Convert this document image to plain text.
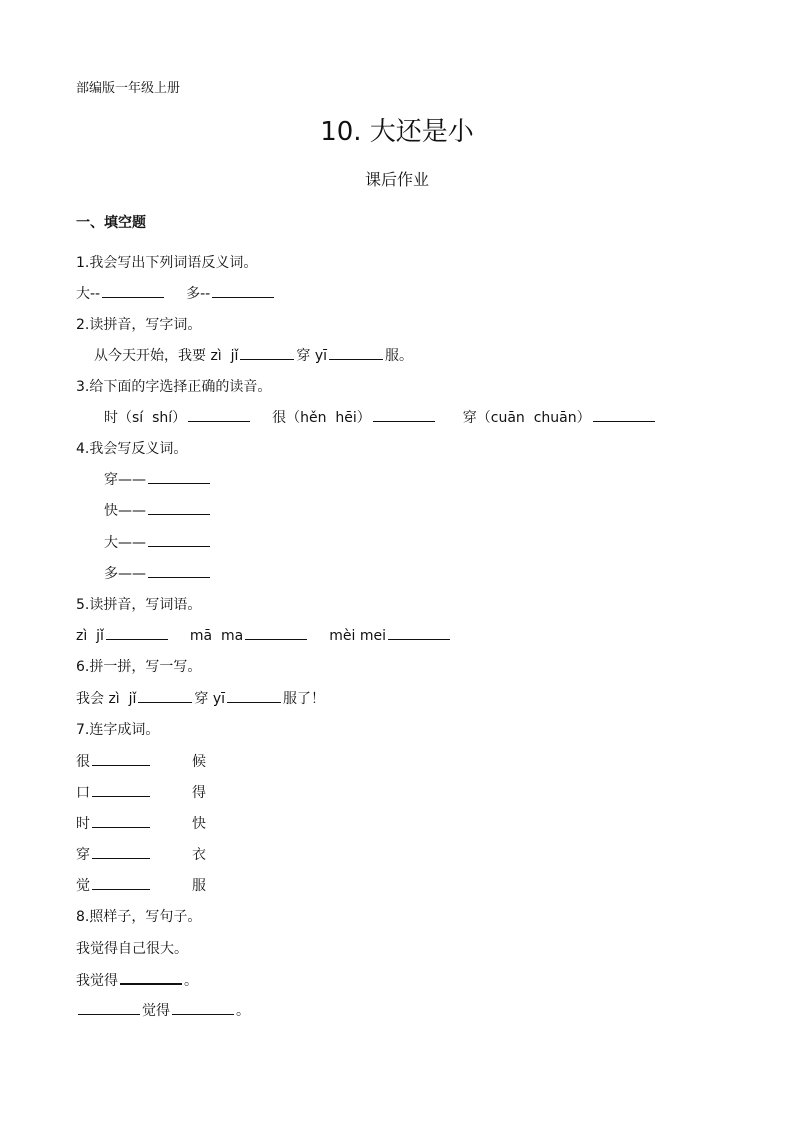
部编版一年级上册
10. 大还是小
课后作业
一、填空题
1.我会写出下列词语反义词。
大--	多--
2.读拼音，写字词。
从今天开始，我要 zì  jǐ	穿 yī	服。
3.给下面的字选择正确的读音。
时（sí  shí）	很（hěn  hēi）	穿（cuān  chuān）
4.我会写反义词。
穿——
快——
大——
多——
5.读拼音，写词语。
zì  jǐ	mā  ma	mèi mei
6.拼一拼，写一写。
我会 zì  jǐ	穿 yī	服了！
7.连字成词。
很	候
口	得
时	快
穿	衣
觉	服
8.照样子，写句子。
我觉得自己很大。
我觉得	。
觉得	。
